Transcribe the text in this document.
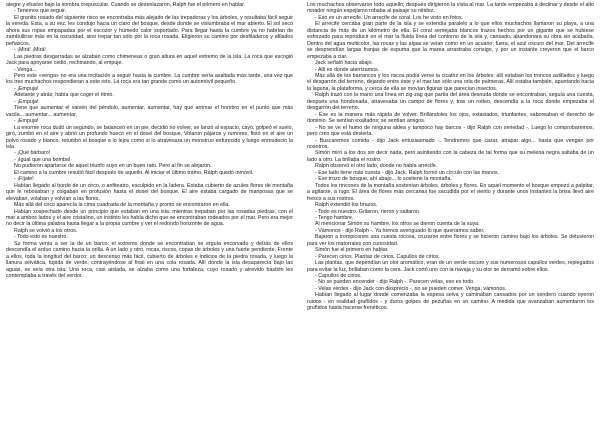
alegre y efusivo bajo la sombra crepuscular. Cuando se desenlazaron, Ralph fue el primero en hablar.

- Tenemos que seguir.

El granito rosado del siguiente risco se encontraba más alejado de las trepadoras y los árboles, y resultaba fácil seguir la vereda. Esta, a su vez, les condujo hacia un claro del bosque, desde donde se vislumbraba el mar abierto. El sol secó ahora sus ropas empapadas por el escozor y húmedo calor soportado. Para llegar hasta la cumbre ya no habrían de zambullirse más en la oscuridad, sino trepar tan sólo por la roca rosada. Eligieron su camino por desfiladeros y afilados peñascos.

- ¡Mirá! ¡Mirá!

Las piedras desgarradas se alzaban como chimeneas o gran altura en aquel extremo de la isla. La roca que escogió Jack para apoyarse cedió, rechinando, al empuje.

- Venga...

Pero este «venga» no era una incitación a seguir hasta la cumbre. La cumbre sería asaltada más tarde, una vez que los tres muchachos respondieran a este reto. La roca era tan grande como un automóvil pequeño.

- ¡Empuja!

Adelante y atrás; había que coger el ritmo.

- ¡Empuja!

Tiene que aumentar el vaivén del péndulo, aumentar, aumentar, hay que arrimar el hombro en el punto que más vacila... aumentar... aumentar.

- ¡Empuja!

La enorme roca dudó un segundo, se balanceó en un pie, decidió no volver, se lanzó al espacio, cayó, golpeó el suelo, giró, zumbó en el aire y abrió un profundo hueco en el dosel del bosque. Volaron pájaros y rumores, flotó en el aire un polvo rosado y blanco, retumbó el bosque a lo lejos como si lo atravesara un monstruo enfurecido y luego enmudeció la isla.

- ¡Qué bárbaro!

- ¡Igual que una bomba!

No pudieron apartarse de aquel triunfo suyo en un buen rato. Pero al fin se alejaron.

El camino a la cumbre resultó fácil después de aquello. Al iniciar el último tramo, Ralph quedó inmóvil.

- ¡Fíjate!

Habían llegado al borde de un circo, o anfiteatro, esculpido en la ladera. Estaba cubierto de azules flores de montaña que le rebosaban y colgaban en profusión hasta el dosel del bosque. El aire estaba cargado de mariposas que se elevaban, volaban y volvían a las flores.

Más allá del circo aparecía la cima cuadrada de la montaña y pronto se encontraron en ella.

Habían sospechado desde un principio que estaban en una isla: mientras trepaban por las rosadas piedras, con el mar a ambos lados y el aire cristalino, un instinto les había dicho que se encontraban rodeados por el mar. Pero era mejor no decir la última palabra hasta llegar a la propia cumbre y ver el redondo horizonte de agua.

Ralph se volvió a los otros.

- Todo esto es nuestro.

Su forma venía a ser la de un barco: el extremo donde se encontraban se erguía encorvado y detrás de ellos descendía el arduo camino hacia la orilla. A un lado y otro, rocas, riscos, copas de árboles y una fuerte pendiente. Frente a ellos, toda la longitud del barco: un descenso más fácil, cubierto de árboles e indicios de la piedra rosada, y luego la llanura selvática, tupida de verde, contrayéndose al final en una cola rosada. Allí donde la isla desaparecía bajo las aguas, se veía otra isla. Una roca, casi aislada, se alzaba como una fortaleza, cuyo rosado y atrevido bastión les contemplaba a través del verdor.

Los muchachos observaron todo aquello; después dirigieron la vista al mar. La tarde empezaba a declinar y desde el alto mirador ningún espejismo robaba al paisaje su nitidez.

- Eso es un arrecife. Un arrecife de coral. Los he visto en fotos.

El arrecife cercaba gran parte de la isla y se extendía paralelo a lo que ellos muchachos llamaron su playa, a una distancia de más de un kilómetro de ella. El coral semejaba blancos trazos hechos por un gigante que se hubiese esforzado para reproducir en el mar la fluida línea del contorno de la isla y, cansado, abandonara su obra sin acabarla. Dentro del agua multicolor, las rocas y las algas se veían como en un acuario; fuera, el azul oscuro del mar. Del arrecife se desprendían largas franjas de espuma que la marea arrastraba consigo, y por un instante creyeron que el barco empezaba a ciar.

Jack señaló hacia abajo.

- Allí es donde aterrizamos.

Más allá de los barrancos y los riscos podía verse la cicatriz en los árboles; allí estaban los troncos astillados y luego el desgarrón del terreno, dejando entre éste y el mar tan sólo una orla de palmeras. Allí estaba también, apuntando hacia la laguna, la plataforma, y cerca de ella se movían figuras que parecían insectos.

Ralph trazó con la mano una línea en zig-zag que partía del área desnuda donde se encontraban, seguía una cuesta, después una hondonada, atravesaba un campo de flores y, tras un rodeo, descendía a la roca donde empezaba el desgarrón del terreno.

- Ése es la manera más rápida de volver. Brillándoles los ojos, extasiados, triunfantes, saboreaban el derecho de dominio. Se sentían exaltados; se sentían amigos.

- No se ve el humo de ninguna aldea y tampoco hay barcos - dijo Ralph con seriedad -. Luego lo comprobaremos, pero creo que está desierta.

- Buscaremos comida - dijo Jack entusiasmado -. Tendremos que cazar, atrapar algo... hasta que vengan por nosotros.

Simón miró a los dos sin decir nada, pero asintiendo con la cabeza de tal forma que su melena negra saltaba de un lado a otro. La brillaba el rostro.

Ralph observó el otro lado, donde no había arrecife.

- Ese lado tiene más cuesta - dijo Jack. Ralph formó un círculo con las manos.

- Ese trozo de bosque, ahí abajo... lo sostiene la montaña.

Todos los rincones de la montaña sostenían árboles, árboles y flores. En aquel momento el bosque empezó a palpitar, a agitarse, a rugir. El área de flores más cercanas fue sacudida por el viento y durante unos instantes la brisa llevó aire fresco a sus rostros.

Ralph extendió los brazos.

- Todo es nuestro. Gritaron, rieron y saltaron.

- Tengo hambre.

Al mencionar Simón su hambre, los otros se dieron cuenta de la suya.

- Vámonos - dijo Ralph -. Ya hemos averiguado lo que queríamos saber.

Bajaron a trompicones una cuesta rocosa, cruzaron entre flores y se hicieron camino bajo los árboles. Se detuvieron para ver los matorrales con curiosidad.

Simón fue el primero en hablar.

- Parecen cirios. Plantas de cirios. Capullos de cirios.

Las plantas, que dependían un olor aromático, eran de un verde oscuro y sus numerosos capullos verdes, replegados para evitar la luz, brillaban como la cera. Jack cortó uno con la navaja y su olor se derramó sobre ellos.

- Capullos de cirios.

- No se pueden encender - dijo Ralph -. Parecen velas, eso es todo.

- Velas verdes - dijo Jack con desprecio -, no se pueden comer. Venga, vámonos.

Habían llegado al lugar donde comenzaba la espesa selva y caminaban cansados por un sendero cuando oyeron ruidos - en realidad gruñidos - y duros golpes de pezuñas en un camino. A medida que avanzaban aumentaron los gruñidos hasta hacerse frenéticos.
